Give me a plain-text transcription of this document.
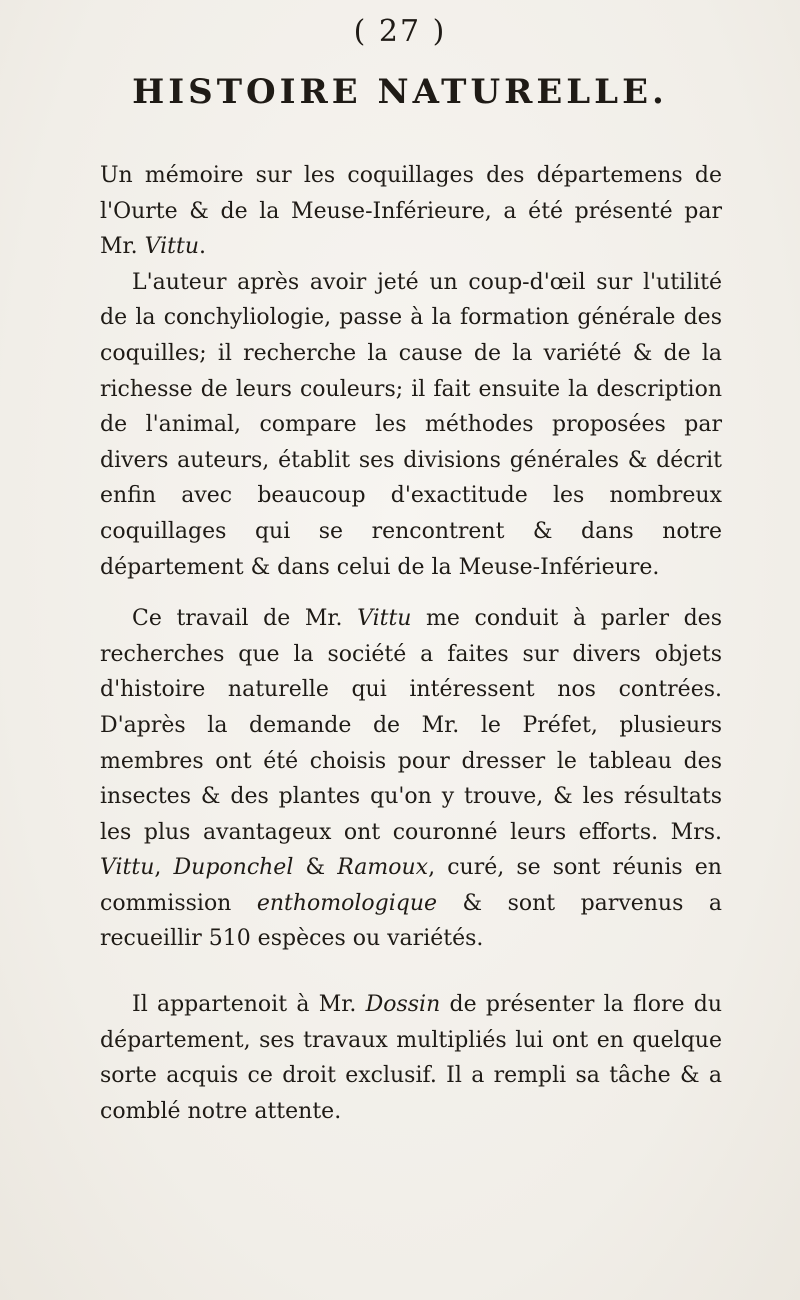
( 27 )
HISTOIRE NATURELLE.

Un mémoire sur les coquillages des départemens de l'Ourte & de la Meuse-Inférieure, a été présenté par Mr. Vittu.

L'auteur après avoir jeté un coup-d'œil sur l'utilité de la conchyliologie, passe à la formation générale des coquilles; il recherche la cause de la variété & de la richesse de leurs couleurs; il fait ensuite la description de l'animal, compare les méthodes proposées par divers auteurs, établit ses divisions générales & décrit enfin avec beaucoup d'exactitude les nombreux coquillages qui se rencontrent & dans notre département & dans celui de la Meuse-Inférieure.

Ce travail de Mr. Vittu me conduit à parler des recherches que la société a faites sur divers objets d'histoire naturelle qui intéressent nos contrées. D'après la demande de Mr. le Préfet, plusieurs membres ont été choisis pour dresser le tableau des insectes & des plantes qu'on y trouve, & les résultats les plus avantageux ont couronné leurs efforts. Mrs. Vittu, Duponchel & Ramoux, curé, se sont réunis en commission enthomologique & sont parvenus a recueillir 510 espèces ou variétés.

Il appartenoit à Mr. Dossin de présenter la flore du département, ses travaux multipliés lui ont en quelque sorte acquis ce droit exclusif. Il a rempli sa tâche & a comblé notre attente.
